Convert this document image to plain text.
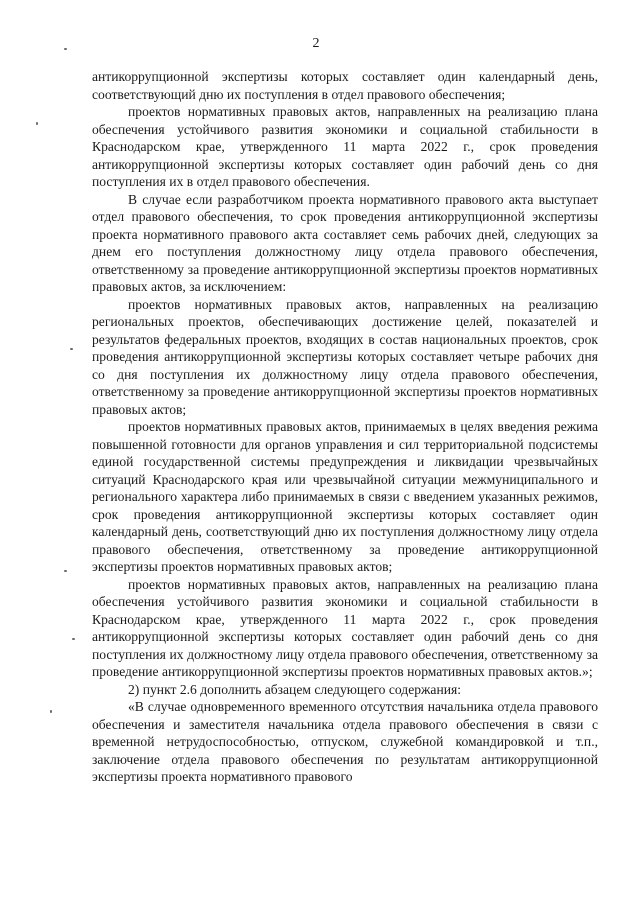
2

антикоррупционной экспертизы которых составляет один календарный день, соответствующий дню их поступления в отдел правового обеспечения;

проектов нормативных правовых актов, направленных на реализацию плана обеспечения устойчивого развития экономики и социальной стабильности в Краснодарском крае, утвержденного 11 марта 2022 г., срок проведения антикоррупционной экспертизы которых составляет один рабочий день со дня поступления их в отдел правового обеспечения.

В случае если разработчиком проекта нормативного правового акта выступает отдел правового обеспечения, то срок проведения антикоррупционной экспертизы проекта нормативного правового акта составляет семь рабочих дней, следующих за днем его поступления должностному лицу отдела правового обеспечения, ответственному за проведение антикоррупционной экспертизы проектов нормативных правовых актов, за исключением:

проектов нормативных правовых актов, направленных на реализацию региональных проектов, обеспечивающих достижение целей, показателей и результатов федеральных проектов, входящих в состав национальных проектов, срок проведения антикоррупционной экспертизы которых составляет четыре рабочих дня со дня поступления их должностному лицу отдела правового обеспечения, ответственному за проведение антикоррупционной экспертизы проектов нормативных правовых актов;

проектов нормативных правовых актов, принимаемых в целях введения режима повышенной готовности для органов управления и сил территориальной подсистемы единой государственной системы предупреждения и ликвидации чрезвычайных ситуаций Краснодарского края или чрезвычайной ситуации межмуниципального и регионального характера либо принимаемых в связи с введением указанных режимов, срок проведения антикоррупционной экспертизы которых составляет один календарный день, соответствующий дню их поступления должностному лицу отдела правового обеспечения, ответственному за проведение антикоррупционной экспертизы проектов нормативных правовых актов;

проектов нормативных правовых актов, направленных на реализацию плана обеспечения устойчивого развития экономики и социальной стабильности в Краснодарском крае, утвержденного 11 марта 2022 г., срок проведения антикоррупционной экспертизы которых составляет один рабочий день со дня поступления их должностному лицу отдела правового обеспечения, ответственному за проведение антикоррупционной экспертизы проектов нормативных правовых актов.»;

2) пункт 2.6 дополнить абзацем следующего содержания:

«В случае одновременного временного отсутствия начальника отдела правового обеспечения и заместителя начальника отдела правового обеспечения в связи с временной нетрудоспособностью, отпуском, служебной командировкой и т.п., заключение отдела правового обеспечения по результатам антикоррупционной экспертизы проекта нормативного правового
